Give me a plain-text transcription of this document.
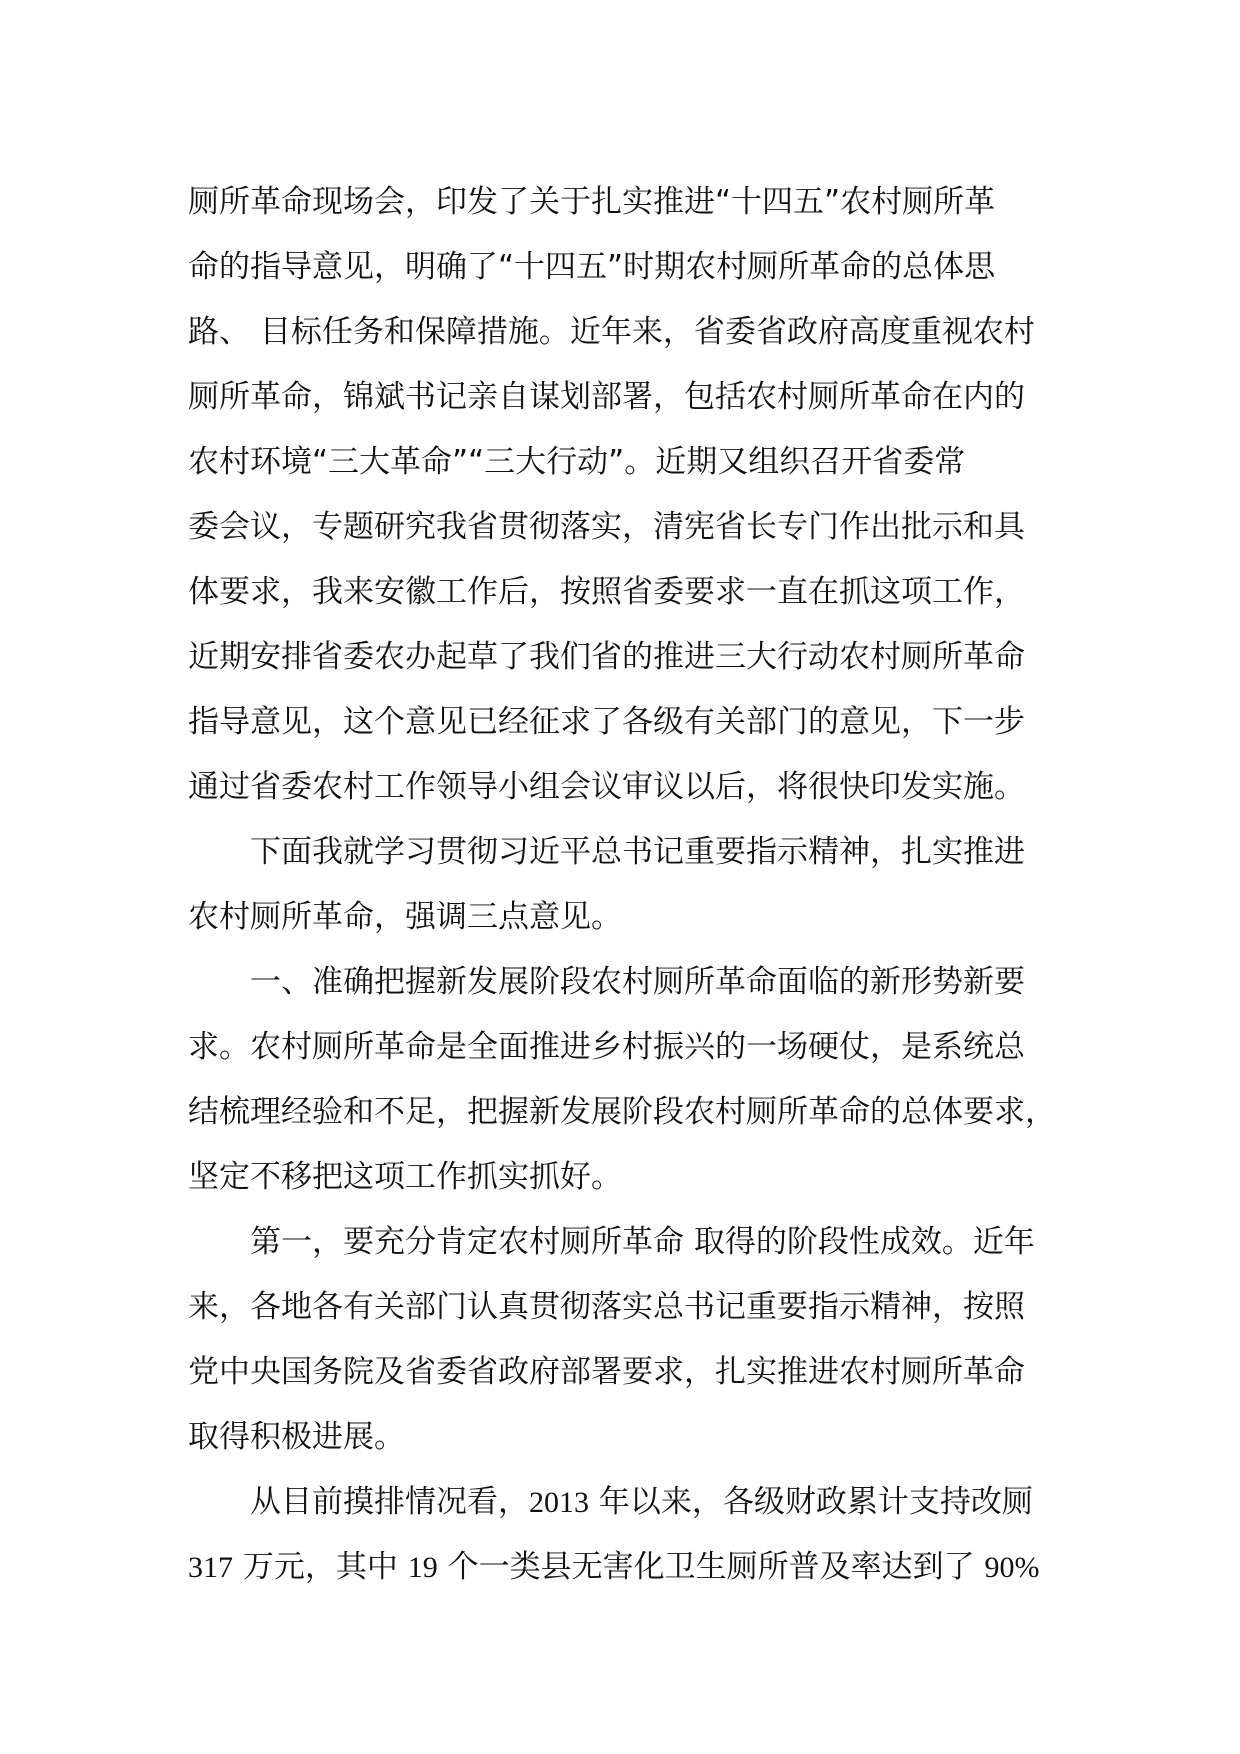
厕所革命现场会，印发了关于扎实推进“十四五”农村厕所革
命的指导意见，明确了“十四五”时期农村厕所革命的总体思
路、 目标任务和保障措施。近年来，省委省政府高度重视农村
厕所革命，锦斌书记亲自谋划部署，包括农村厕所革命在内的
农村环境“三大革命”“三大行动”。近期又组织召开省委常
委会议，专题研究我省贯彻落实，清宪省长专门作出批示和具
体要求，我来安徽工作后，按照省委要求一直在抓这项工作，
近期安排省委农办起草了我们省的推进三大行动农村厕所革命
指导意见，这个意见已经征求了各级有关部门的意见，下一步
通过省委农村工作领导小组会议审议以后，将很快印发实施。
下面我就学习贯彻习近平总书记重要指示精神，扎实推进
农村厕所革命，强调三点意见。
一、准确把握新发展阶段农村厕所革命面临的新形势新要
求。农村厕所革命是全面推进乡村振兴的一场硬仗，是系统总
结梳理经验和不足，把握新发展阶段农村厕所革命的总体要求，
坚定不移把这项工作抓实抓好。
第一，要充分肯定农村厕所革命 取得的阶段性成效。近年
来，各地各有关部门认真贯彻落实总书记重要指示精神，按照
党中央国务院及省委省政府部署要求，扎实推进农村厕所革命
取得积极进展。
从目前摸排情况看，2013 年以来，各级财政累计支持改厕
317 万元，其中 19 个一类县无害化卫生厕所普及率达到了 90%
